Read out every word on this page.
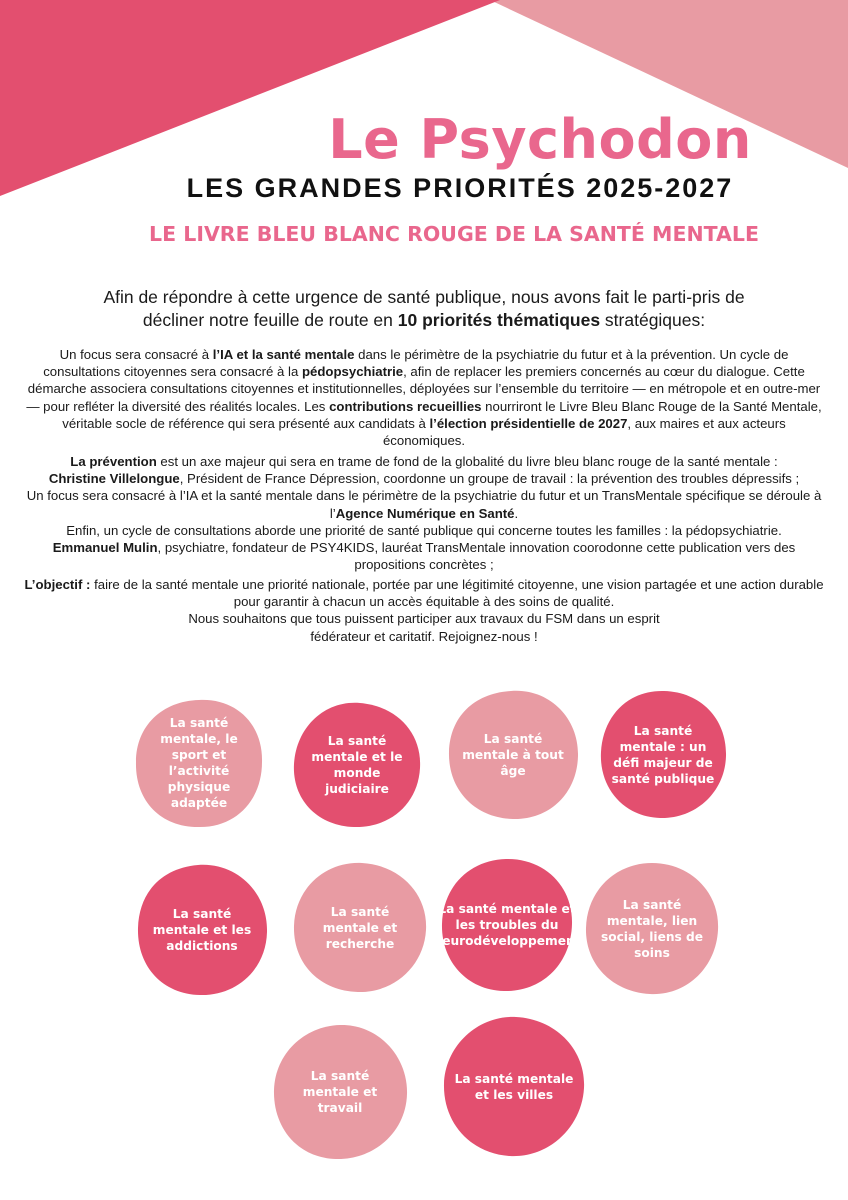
Le Psychodon
LES GRANDES PRIORITÉS 2025-2027
LE LIVRE BLEU BLANC ROUGE DE LA SANTÉ MENTALE

Afin de répondre à cette urgence de santé publique, nous avons fait le parti-pris de décliner notre feuille de route en 10 priorités thématiques stratégiques:

Un focus sera consacré à l’IA et la santé mentale dans le périmètre de la psychiatrie du futur et à la prévention. Un cycle de consultations citoyennes sera consacré à la pédopsychiatrie, afin de replacer les premiers concernés au cœur du dialogue. Cette démarche associera consultations citoyennes et institutionnelles, déployées sur l’ensemble du territoire — en métropole et en outre-mer — pour refléter la diversité des réalités locales. Les contributions recueillies nourriront le Livre Bleu Blanc Rouge de la Santé Mentale, véritable socle de référence qui sera présenté aux candidats à l’élection présidentielle de 2027, aux maires et aux acteurs économiques.

La prévention est un axe majeur qui sera en trame de fond de la globalité du livre bleu blanc rouge de la santé mentale :
Christine Villelongue, Président de France Dépression, coordonne un groupe de travail : la prévention des troubles dépressifs ;
Un focus sera consacré à l’IA et la santé mentale dans le périmètre de la psychiatrie du futur et un TransMentale spécifique se déroule à l’Agence Numérique en Santé.
Enfin, un cycle de consultations aborde une priorité de santé publique qui concerne toutes les familles : la pédopsychiatrie.
Emmanuel Mulin, psychiatre, fondateur de PSY4KIDS, lauréat TransMentale innovation coorodonne cette publication vers des propositions concrètes ;

L’objectif : faire de la santé mentale une priorité nationale, portée par une légitimité citoyenne, une vision partagée et une action durable pour garantir à chacun un accès équitable à des soins de qualité.
Nous souhaitons que tous puissent participer aux travaux du FSM dans un esprit
fédérateur et caritatif. Rejoignez-nous !

La santé mentale, le sport et l’activité physique adaptée
La santé mentale et le monde judiciaire
La santé mentale à tout âge
La santé mentale : un défi majeur de santé publique
La santé mentale et les addictions
La santé mentale et recherche
La santé mentale et les troubles du neurodéveloppement
La santé mentale, lien social, liens de soins
La santé mentale et travail
La santé mentale et les villes
